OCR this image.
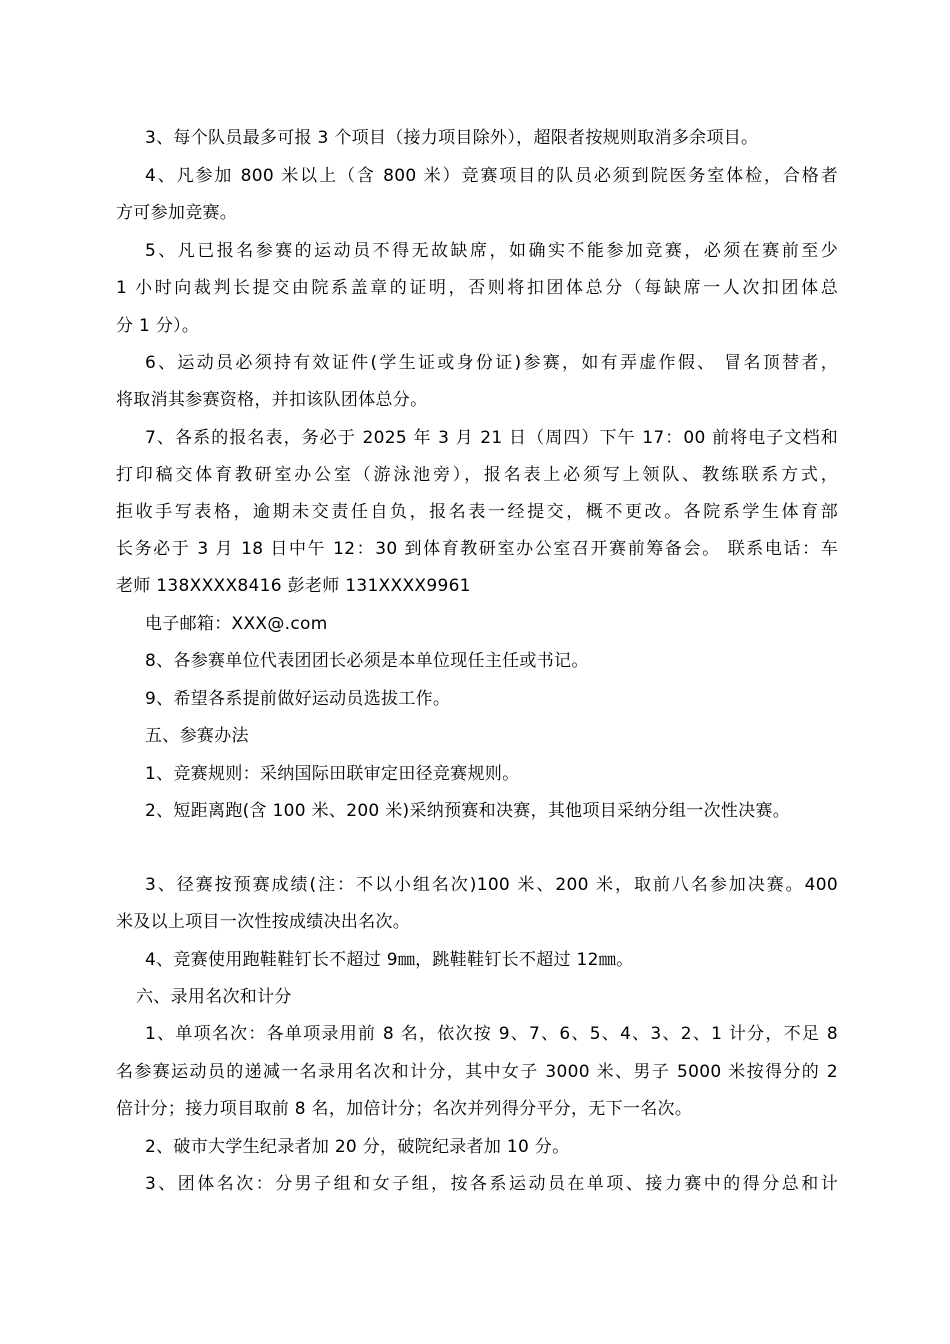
3、每个队员最多可报 3 个项目（接力项目除外），超限者按规则取消多余项目。
4、凡参加 800 米以上（含 800 米）竞赛项目的队员必须到院医务室体检，合格者
方可参加竞赛。
5、凡已报名参赛的运动员不得无故缺席，如确实不能参加竞赛，必须在赛前至少
1 小时向裁判长提交由院系盖章的证明，否则将扣团体总分（每缺席一人次扣团体总
分 1 分）。
6、运动员必须持有效证件(学生证或身份证)参赛，如有弄虚作假、 冒名顶替者，
将取消其参赛资格，并扣该队团体总分。
7、各系的报名表，务必于 2025 年 3 月 21 日（周四）下午 17：00 前将电子文档和
打印稿交体育教研室办公室（游泳池旁），报名表上必须写上领队、教练联系方式，
拒收手写表格，逾期未交责任自负，报名表一经提交，概不更改。各院系学生体育部
长务必于 3 月 18 日中午 12：30 到体育教研室办公室召开赛前筹备会。 联系电话：车
老师 138XXXX8416 彭老师 131XXXX9961
电子邮箱：XXX@.com
8、各参赛单位代表团团长必须是本单位现任主任或书记。
9、希望各系提前做好运动员选拔工作。
五、参赛办法
1、竞赛规则：采纳国际田联审定田径竞赛规则。
2、短距离跑(含 100 米、200 米)采纳预赛和决赛，其他项目采纳分组一次性决赛。
3、径赛按预赛成绩(注：不以小组名次)100 米、200 米，取前八名参加决赛。400
米及以上项目一次性按成绩决出名次。
4、竞赛使用跑鞋鞋钉长不超过 9㎜，跳鞋鞋钉长不超过 12㎜。
六、录用名次和计分
1、单项名次：各单项录用前 8 名，依次按 9、7、6、5、4、3、2、1 计分，不足 8
名参赛运动员的递减一名录用名次和计分，其中女子 3000 米、男子 5000 米按得分的 2
倍计分；接力项目取前 8 名，加倍计分；名次并列得分平分，无下一名次。
2、破市大学生纪录者加 20 分，破院纪录者加 10 分。
3、团体名次：分男子组和女子组，按各系运动员在单项、接力赛中的得分总和计
